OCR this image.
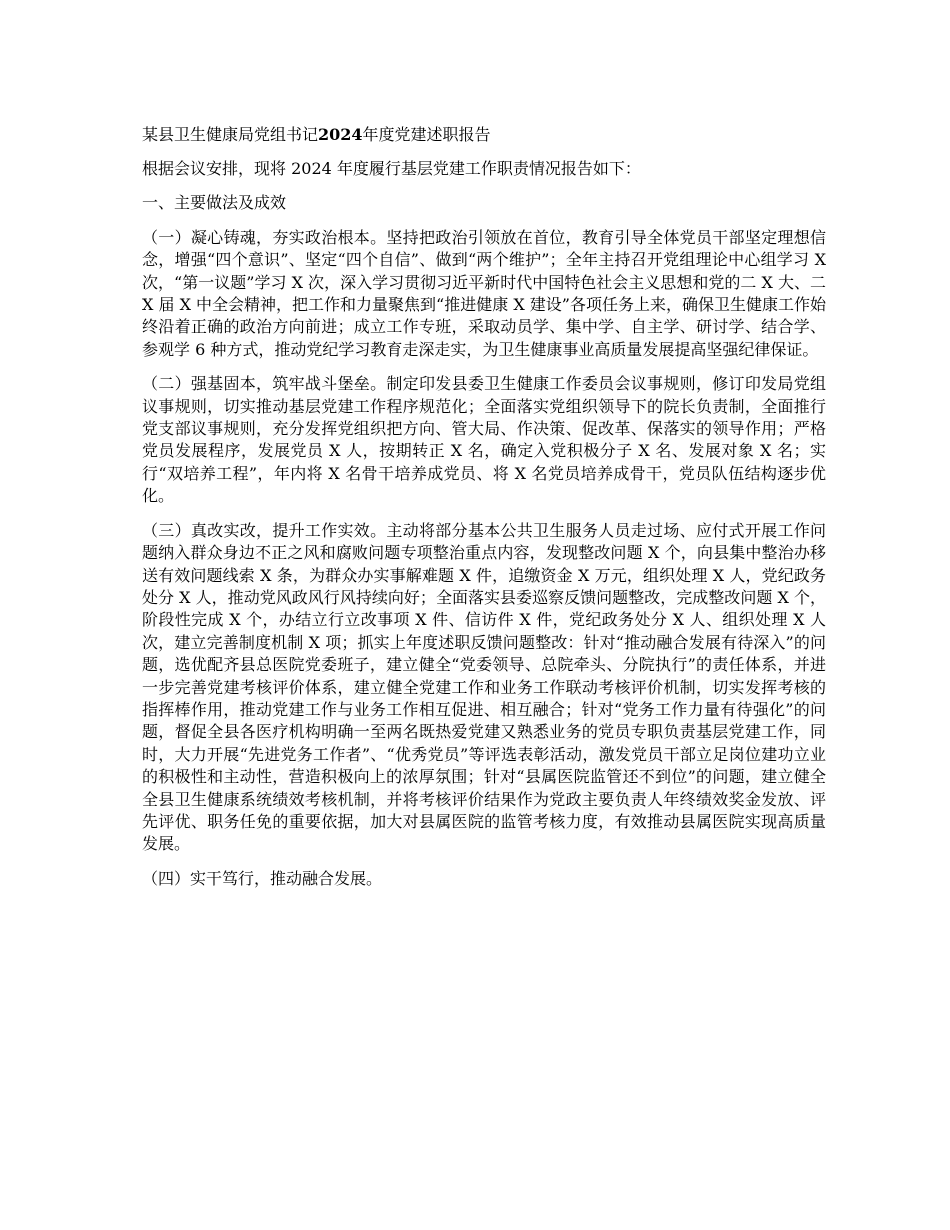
某县卫生健康局党组书记2024年度党建述职报告

根据会议安排，现将 2024 年度履行基层党建工作职责情况报告如下：

一、主要做法及成效

（一）凝心铸魂，夯实政治根本。坚持把政治引领放在首位，教育引导全体党员干部坚定理想信念，增强“四个意识”、坚定“四个自信”、做到“两个维护”；全年主持召开党组理论中心组学习 X 次，“第一议题”学习 X 次，深入学习贯彻习近平新时代中国特色社会主义思想和党的二 X 大、二 X 届 X 中全会精神，把工作和力量聚焦到“推进健康 X 建设”各项任务上来，确保卫生健康工作始终沿着正确的政治方向前进；成立工作专班，采取动员学、集中学、自主学、研讨学、结合学、参观学 6 种方式，推动党纪学习教育走深走实，为卫生健康事业高质量发展提高坚强纪律保证。

（二）强基固本，筑牢战斗堡垒。制定印发县委卫生健康工作委员会议事规则，修订印发局党组议事规则，切实推动基层党建工作程序规范化；全面落实党组织领导下的院长负责制，全面推行党支部议事规则，充分发挥党组织把方向、管大局、作决策、促改革、保落实的领导作用；严格党员发展程序，发展党员 X 人，按期转正 X 名，确定入党积极分子 X 名、发展对象 X 名；实行“双培养工程”，年内将 X 名骨干培养成党员、将 X 名党员培养成骨干，党员队伍结构逐步优化。

（三）真改实改，提升工作实效。主动将部分基本公共卫生服务人员走过场、应付式开展工作问题纳入群众身边不正之风和腐败问题专项整治重点内容，发现整改问题 X 个，向县集中整治办移送有效问题线索 X 条，为群众办实事解难题 X 件，追缴资金 X 万元，组织处理 X 人，党纪政务处分 X 人，推动党风政风行风持续向好；全面落实县委巡察反馈问题整改，完成整改问题 X 个，阶段性完成 X 个，办结立行立改事项 X 件、信访件 X 件，党纪政务处分 X 人、组织处理 X 人次，建立完善制度机制 X 项；抓实上年度述职反馈问题整改：针对“推动融合发展有待深入”的问题，选优配齐县总医院党委班子，建立健全“党委领导、总院牵头、分院执行”的责任体系，并进一步完善党建考核评价体系，建立健全党建工作和业务工作联动考核评价机制，切实发挥考核的指挥棒作用，推动党建工作与业务工作相互促进、相互融合；针对“党务工作力量有待强化”的问题，督促全县各医疗机构明确一至两名既热爱党建又熟悉业务的党员专职负责基层党建工作，同时，大力开展“先进党务工作者”、“优秀党员”等评选表彰活动，激发党员干部立足岗位建功立业的积极性和主动性，营造积极向上的浓厚氛围；针对“县属医院监管还不到位”的问题，建立健全全县卫生健康系统绩效考核机制，并将考核评价结果作为党政主要负责人年终绩效奖金发放、评先评优、职务任免的重要依据，加大对县属医院的监管考核力度，有效推动县属医院实现高质量发展。

（四）实干笃行，推动融合发展。
